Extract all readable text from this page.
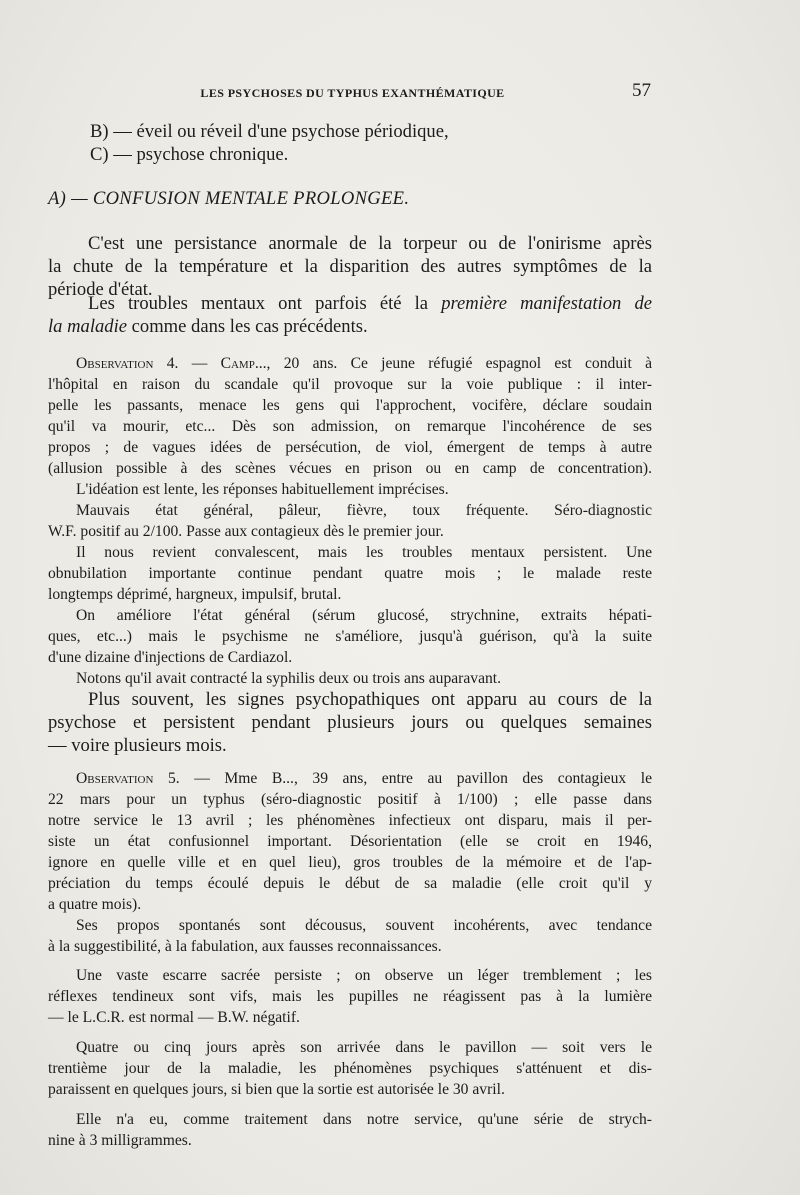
LES PSYCHOSES DU TYPHUS EXANTHÉMATIQUE	57
B) — éveil ou réveil d'une psychose périodique,
C) — psychose chronique.
A) — CONFUSION MENTALE PROLONGEE.
C'est une persistance anormale de la torpeur ou de l'onirisme après
la chute de la température et la disparition des autres symptômes de la
période d'état.
Les troubles mentaux ont parfois été la première manifestation de
la maladie comme dans les cas précédents.
Observation 4. — Camp..., 20 ans. Ce jeune réfugié espagnol est conduit à
l'hôpital en raison du scandale qu'il provoque sur la voie publique : il inter-
pelle les passants, menace les gens qui l'approchent, vocifère, déclare soudain
qu'il va mourir, etc... Dès son admission, on remarque l'incohérence de ses
propos ; de vagues idées de persécution, de viol, émergent de temps à autre
(allusion possible à des scènes vécues en prison ou en camp de concentration).
L'idéation est lente, les réponses habituellement imprécises.
Mauvais état général, pâleur, fièvre, toux fréquente. Séro-diagnostic
W.F. positif au 2/100. Passe aux contagieux dès le premier jour.
Il nous revient convalescent, mais les troubles mentaux persistent. Une
obnubilation importante continue pendant quatre mois ; le malade reste
longtemps déprimé, hargneux, impulsif, brutal.
On améliore l'état général (sérum glucosé, strychnine, extraits hépati-
ques, etc...) mais le psychisme ne s'améliore, jusqu'à guérison, qu'à la suite
d'une dizaine d'injections de Cardiazol.
Notons qu'il avait contracté la syphilis deux ou trois ans auparavant.
Plus souvent, les signes psychopathiques ont apparu au cours de la
psychose et persistent pendant plusieurs jours ou quelques semaines
— voire plusieurs mois.
Observation 5. — Mme B..., 39 ans, entre au pavillon des contagieux le
22 mars pour un typhus (séro-diagnostic positif à 1/100) ; elle passe dans
notre service le 13 avril ; les phénomènes infectieux ont disparu, mais il per-
siste un état confusionnel important. Désorientation (elle se croit en 1946,
ignore en quelle ville et en quel lieu), gros troubles de la mémoire et de l'ap-
préciation du temps écoulé depuis le début de sa maladie (elle croit qu'il y
a quatre mois).
Ses propos spontanés sont décousus, souvent incohérents, avec tendance
à la suggestibilité, à la fabulation, aux fausses reconnaissances.
Une vaste escarre sacrée persiste ; on observe un léger tremblement ; les
réflexes tendineux sont vifs, mais les pupilles ne réagissent pas à la lumière
— le L.C.R. est normal — B.W. négatif.
Quatre ou cinq jours après son arrivée dans le pavillon — soit vers le
trentième jour de la maladie, les phénomènes psychiques s'atténuent et dis-
paraissent en quelques jours, si bien que la sortie est autorisée le 30 avril.
Elle n'a eu, comme traitement dans notre service, qu'une série de strych-
nine à 3 milligrammes.
